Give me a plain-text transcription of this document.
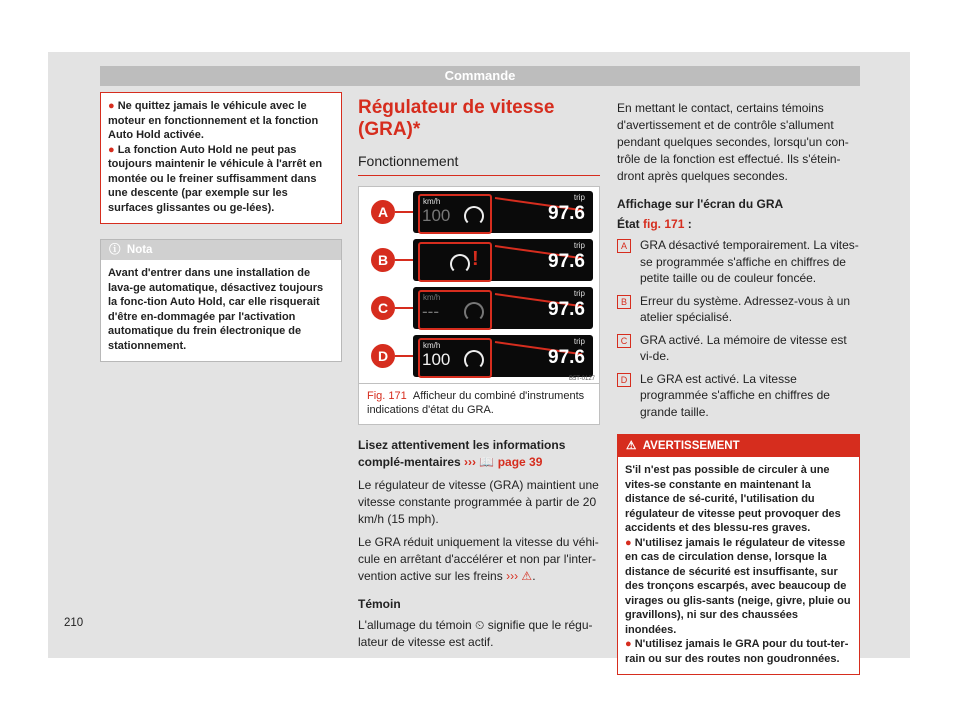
Commande
● Ne quittez jamais le véhicule avec le moteur en fonctionnement et la fonction Auto Hold activée.
● La fonction Auto Hold ne peut pas toujours maintenir le véhicule à l'arrêt en montée ou le freiner suffisamment dans une descente (par exemple sur les surfaces glissantes ou ge-lées).
ⓘ  Nota
Avant d'entrer dans une installation de lava-ge automatique, désactivez toujours la fonc-tion Auto Hold, car elle risquerait d'être en-dommagée par l'activation automatique du frein électronique de stationnement.
Régulateur de vitesse (GRA)*
Fonctionnement
A
km/h
100
trip
97.6
B	!
trip
97.6
C
km/h
---
trip
97.6
D
km/h
100
trip
97.6
B5T-0127
Fig. 171 Afficheur du combiné d'instruments indications d'état du GRA.
Lisez attentivement les informations complé-mentaires ››› 📖 page 39
Le régulateur de vitesse (GRA) maintient une vitesse constante programmée à partir de 20 km/h (15 mph).
Le GRA réduit uniquement la vitesse du véhi-cule en arrêtant d'accélérer et non par l'inter-vention active sur les freins ››› ⚠.
Témoin
L'allumage du témoin ⏲ signifie que le régu-lateur de vitesse est actif.
En mettant le contact, certains témoins d'avertissement et de contrôle s'allument pendant quelques secondes, lorsqu'un con-trôle de la fonction est effectué. Ils s'étein-dront après quelques secondes.
Affichage sur l'écran du GRA
État fig. 171 :
A	GRA désactivé temporairement. La vites-se programmée s'affiche en chiffres de petite taille ou de couleur foncée.
B	Erreur du système. Adressez-vous à un atelier spécialisé.
C	GRA activé. La mémoire de vitesse est vi-de.
D	Le GRA est activé. La vitesse programmée s'affiche en chiffres de grande taille.
⚠  AVERTISSEMENT
S'il n'est pas possible de circuler à une vites-se constante en maintenant la distance de sé-curité, l'utilisation du régulateur de vitesse peut provoquer des accidents et des blessu-res graves.
● N'utilisez jamais le régulateur de vitesse en cas de circulation dense, lorsque la distance de sécurité est insuffisante, sur des tronçons escarpés, avec beaucoup de virages ou glis-sants (neige, givre, pluie ou gravillons), ni sur des chaussées inondées.
● N'utilisez jamais le GRA pour du tout-ter-rain ou sur des routes non goudronnées.
210
